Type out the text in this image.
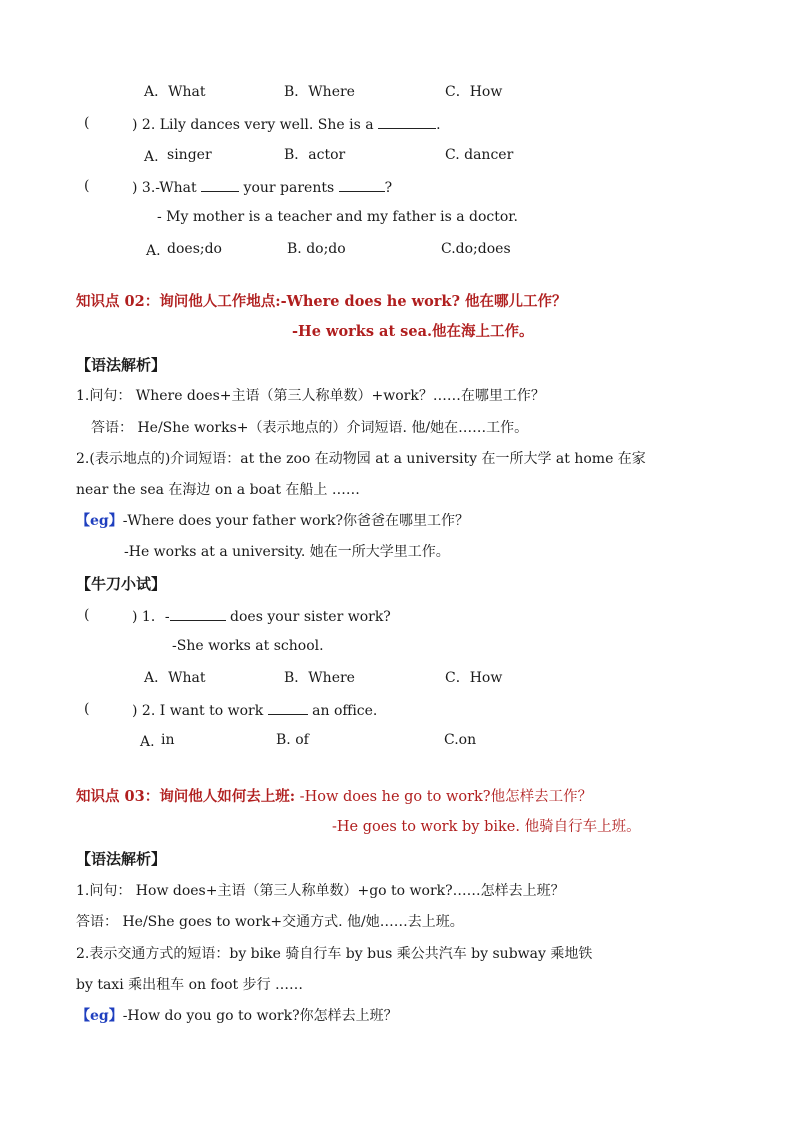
A．What	B．Where	C．How
(	) 2. Lily dances very well. She is a	.
A. singer	B．actor	C. dancer
(	) 3.-What	your parents	?
- My mother is a teacher and my father is a doctor.
A. does;do	B. do;do	C.do;does
知识点 02：询问他人工作地点:-Where does he work? 他在哪儿工作？
-He works at sea.他在海上工作。
【语法解析】
1.问句： Where does+主语（第三人称单数）+work？……在哪里工作？
答语： He/She works+（表示地点的）介词短语. 他/她在……工作。
2.(表示地点的)介词短语：at the zoo 在动物园 at a university 在一所大学 at home 在家
near the sea 在海边 on a boat 在船上 ……
【eg】-Where does your father work?你爸爸在哪里工作？
-He works at a university. 她在一所大学里工作。
【牛刀小试】
(	) 1．-	does your sister work?
-She works at school.
A．What	B．Where	C．How
(	) 2. I want to work	an office.
A. in	B. of	C.on
知识点 03：询问他人如何去上班: -How does he go to work?他怎样去工作？
-He goes to work by bike. 他骑自行车上班。
【语法解析】
1.问句： How does+主语（第三人称单数）+go to work?……怎样去上班？
答语： He/She goes to work+交通方式. 他/她……去上班。
2.表示交通方式的短语：by bike 骑自行车 by bus 乘公共汽车 by subway 乘地铁
by taxi 乘出租车 on foot 步行 ……
【eg】-How do you go to work?你怎样去上班？
